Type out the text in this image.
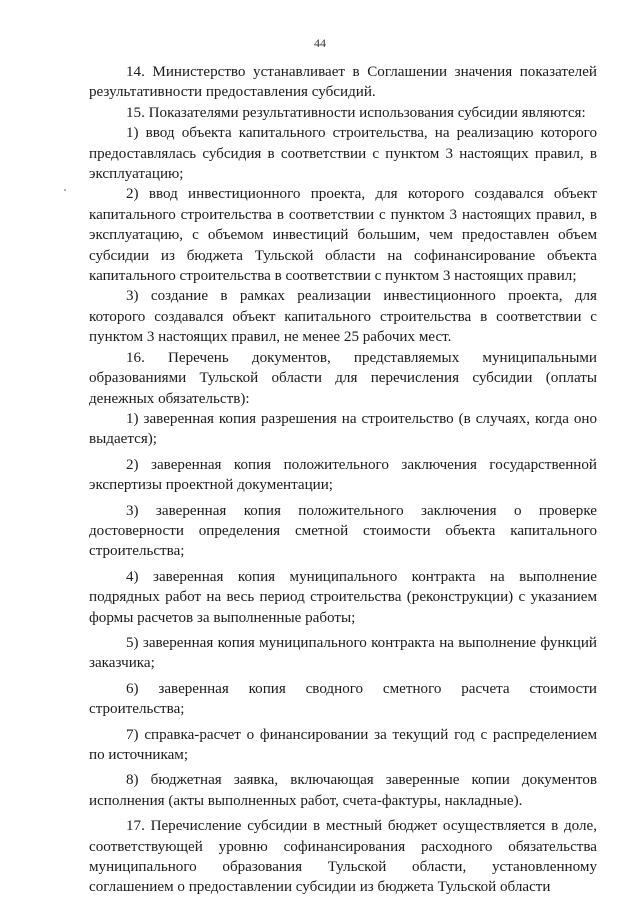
44

14. Министерство устанавливает в Соглашении значения показателей результативности предоставления субсидий.

15. Показателями результативности использования субсидии являются:

1) ввод объекта капитального строительства, на реализацию которого предоставлялась субсидия в соответствии с пунктом 3 настоящих правил, в эксплуатацию;

2) ввод инвестиционного проекта, для которого создавался объект капитального строительства в соответствии с пунктом 3 настоящих правил, в эксплуатацию, с объемом инвестиций большим, чем предоставлен объем субсидии из бюджета Тульской области на софинансирование объекта капитального строительства в соответствии с пунктом 3 настоящих правил;

3) создание в рамках реализации инвестиционного проекта, для которого создавался объект капитального строительства в соответствии с пунктом 3 настоящих правил, не менее 25 рабочих мест.

16. Перечень документов, представляемых муниципальными образованиями Тульской области для перечисления субсидии (оплаты денежных обязательств):

1) заверенная копия разрешения на строительство (в случаях, когда оно выдается);

2) заверенная копия положительного заключения государственной экспертизы проектной документации;

3) заверенная копия положительного заключения о проверке достоверности определения сметной стоимости объекта капитального строительства;

4) заверенная копия муниципального контракта на выполнение подрядных работ на весь период строительства (реконструкции) с указанием формы расчетов за выполненные работы;

5) заверенная копия муниципального контракта на выполнение функций заказчика;

6) заверенная копия сводного сметного расчета стоимости строительства;

7) справка-расчет о финансировании за текущий год с распределением по источникам;

8) бюджетная заявка, включающая заверенные копии документов исполнения (акты выполненных работ, счета-фактуры, накладные).

17. Перечисление субсидии в местный бюджет осуществляется в доле, соответствующей уровню софинансирования расходного обязательства муниципального образования Тульской области, установленному соглашением о предоставлении субсидии из бюджета Тульской области
